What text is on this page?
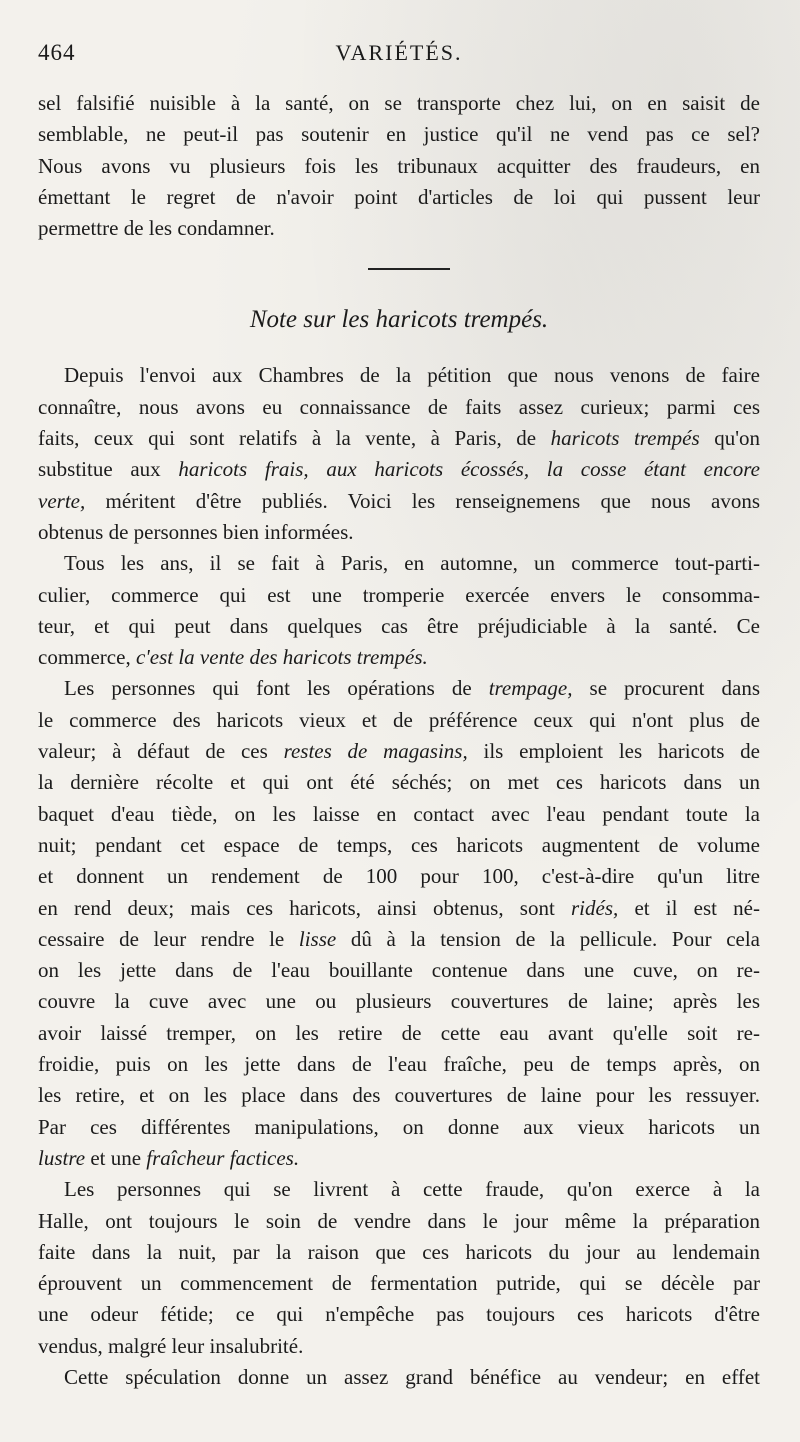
464	VARIÉTÉS.
sel falsifié nuisible à la santé, on se transporte chez lui, on en saisit de
semblable, ne peut-il pas soutenir en justice qu'il ne vend pas ce sel?
Nous avons vu plusieurs fois les tribunaux acquitter des fraudeurs, en
émettant le regret de n'avoir point d'articles de loi qui pussent leur
permettre de les condamner.
Note sur les haricots trempés.
Depuis l'envoi aux Chambres de la pétition que nous venons de faire
connaître, nous avons eu connaissance de faits assez curieux; parmi ces
faits, ceux qui sont relatifs à la vente, à Paris, de haricots trempés qu'on
substitue aux haricots frais, aux haricots écossés, la cosse étant encore
verte, méritent d'être publiés. Voici les renseignemens que nous avons
obtenus de personnes bien informées.
Tous les ans, il se fait à Paris, en automne, un commerce tout-parti-
culier, commerce qui est une tromperie exercée envers le consomma-
teur, et qui peut dans quelques cas être préjudiciable à la santé. Ce
commerce, c'est la vente des haricots trempés.
Les personnes qui font les opérations de trempage, se procurent dans
le commerce des haricots vieux et de préférence ceux qui n'ont plus de
valeur; à défaut de ces restes de magasins, ils emploient les haricots de
la dernière récolte et qui ont été séchés; on met ces haricots dans un
baquet d'eau tiède, on les laisse en contact avec l'eau pendant toute la
nuit; pendant cet espace de temps, ces haricots augmentent de volume
et donnent un rendement de 100 pour 100, c'est-à-dire qu'un litre
en rend deux; mais ces haricots, ainsi obtenus, sont ridés, et il est né-
cessaire de leur rendre le lisse dû à la tension de la pellicule. Pour cela
on les jette dans de l'eau bouillante contenue dans une cuve, on re-
couvre la cuve avec une ou plusieurs couvertures de laine; après les
avoir laissé tremper, on les retire de cette eau avant qu'elle soit re-
froidie, puis on les jette dans de l'eau fraîche, peu de temps après, on
les retire, et on les place dans des couvertures de laine pour les ressuyer.
Par ces différentes manipulations, on donne aux vieux haricots un
lustre et une fraîcheur factices.
Les personnes qui se livrent à cette fraude, qu'on exerce à la
Halle, ont toujours le soin de vendre dans le jour même la préparation
faite dans la nuit, par la raison que ces haricots du jour au lendemain
éprouvent un commencement de fermentation putride, qui se décèle par
une odeur fétide; ce qui n'empêche pas toujours ces haricots d'être
vendus, malgré leur insalubrité.
Cette spéculation donne un assez grand bénéfice au vendeur; en effet
